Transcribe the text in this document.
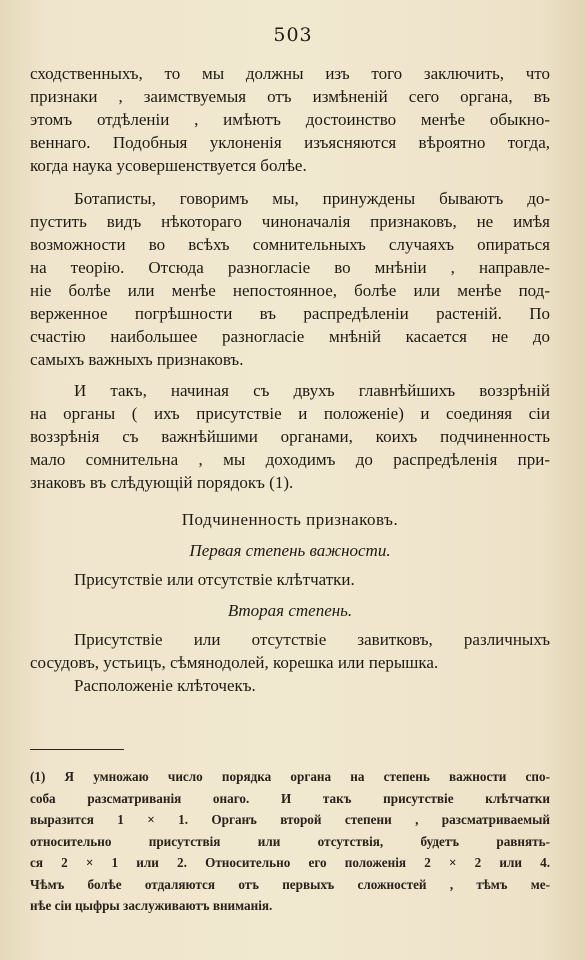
503

сходственныхъ, то мы должны изъ того заключить, что
признаки , заимствуемыя отъ измѣненій сего органа, въ
этомъ отдѣленіи , имѣютъ достоинство менѣе обыкно-
веннаго. Подобныя уклоненія изъясняются вѣроятно тогда,
когда наука усовершенствуется болѣе.

Ботаписты, говоримъ мы, принуждены бываютъ до-
пустить видъ нѣкотораго чиноначалія признаковъ, не имѣя
возможности во всѣхъ сомнительныхъ случаяхъ опираться
на теорію. Отсюда разногласіе во мнѣніи , направле-
ніе болѣе или менѣе непостоянное, болѣе или менѣе под-
верженное погрѣшности въ распредѣленіи растеній. По
счастію наибольшее разногласіе мнѣній касается не до
самыхъ важныхъ признаковъ.

И такъ, начиная съ двухъ главнѣйшихъ воззрѣній
на органы ( ихъ присутствіе и положеніе) и соединяя сіи
воззрѣнія съ важнѣйшими органами, коихъ подчиненность
мало сомнительна , мы доходимъ до распредѣленія при-
знаковъ въ слѣдующій порядокъ (1).

Подчиненность признаковъ.
Первая степень важности.
Присутствіе или отсутствіе клѣтчатки.
Вторая степень.

Присутствіе или отсутствіе завитковъ, различныхъ
сосудовъ, устьицъ, сѣмянодолей, корешка или перышка.
Расположеніе клѣточекъ.

(1) Я умножаю число порядка органа на степень важности спо-
соба разсматриванія онаго. И такъ присутствіе клѣтчатки
выразится 1 × 1. Органъ второй степени , разсматриваемый
относительно присутствія или отсутствія, будетъ равнять-
ся 2 × 1 или 2. Относительно его положенія 2 × 2 или 4.
Чѣмъ болѣе отдаляются отъ первыхъ сложностей , тѣмъ ме-
нѣе сіи цыфры заслуживаютъ вниманія.
